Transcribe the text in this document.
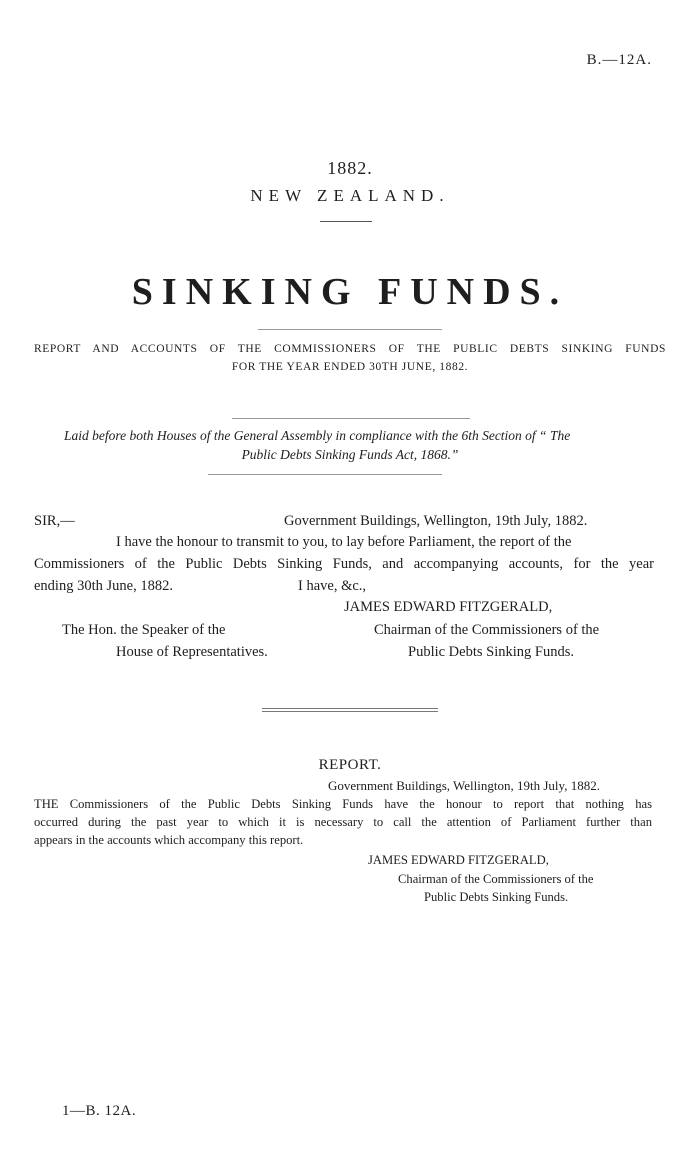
B.—12A.
1882.
NEW ZEALAND.
SINKING FUNDS.
REPORT AND ACCOUNTS OF THE COMMISSIONERS OF THE PUBLIC DEBTS SINKING FUNDS
FOR THE YEAR ENDED 30TH JUNE, 1882.
Laid before both Houses of the General Assembly in compliance with the 6th Section of “ The
Public Debts Sinking Funds Act, 1868.”
SIR,—	Government Buildings, Wellington, 19th July, 1882.
I have the honour to transmit to you, to lay before Parliament, the report of the
Commissioners of the Public Debts Sinking Funds, and accompanying accounts, for the year
ending 30th June, 1882.	I have, &c.,
JAMES EDWARD FITZGERALD,
The Hon. the Speaker of the	Chairman of the Commissioners of the
House of Representatives.	Public Debts Sinking Funds.
REPORT.
Government Buildings, Wellington, 19th July, 1882.
THE Commissioners of the Public Debts Sinking Funds have the honour to report that nothing has
occurred during the past year to which it is necessary to call the attention of Parliament further than
appears in the accounts which accompany this report.
JAMES EDWARD FITZGERALD,
Chairman of the Commissioners of the
Public Debts Sinking Funds.
1—B. 12A.
